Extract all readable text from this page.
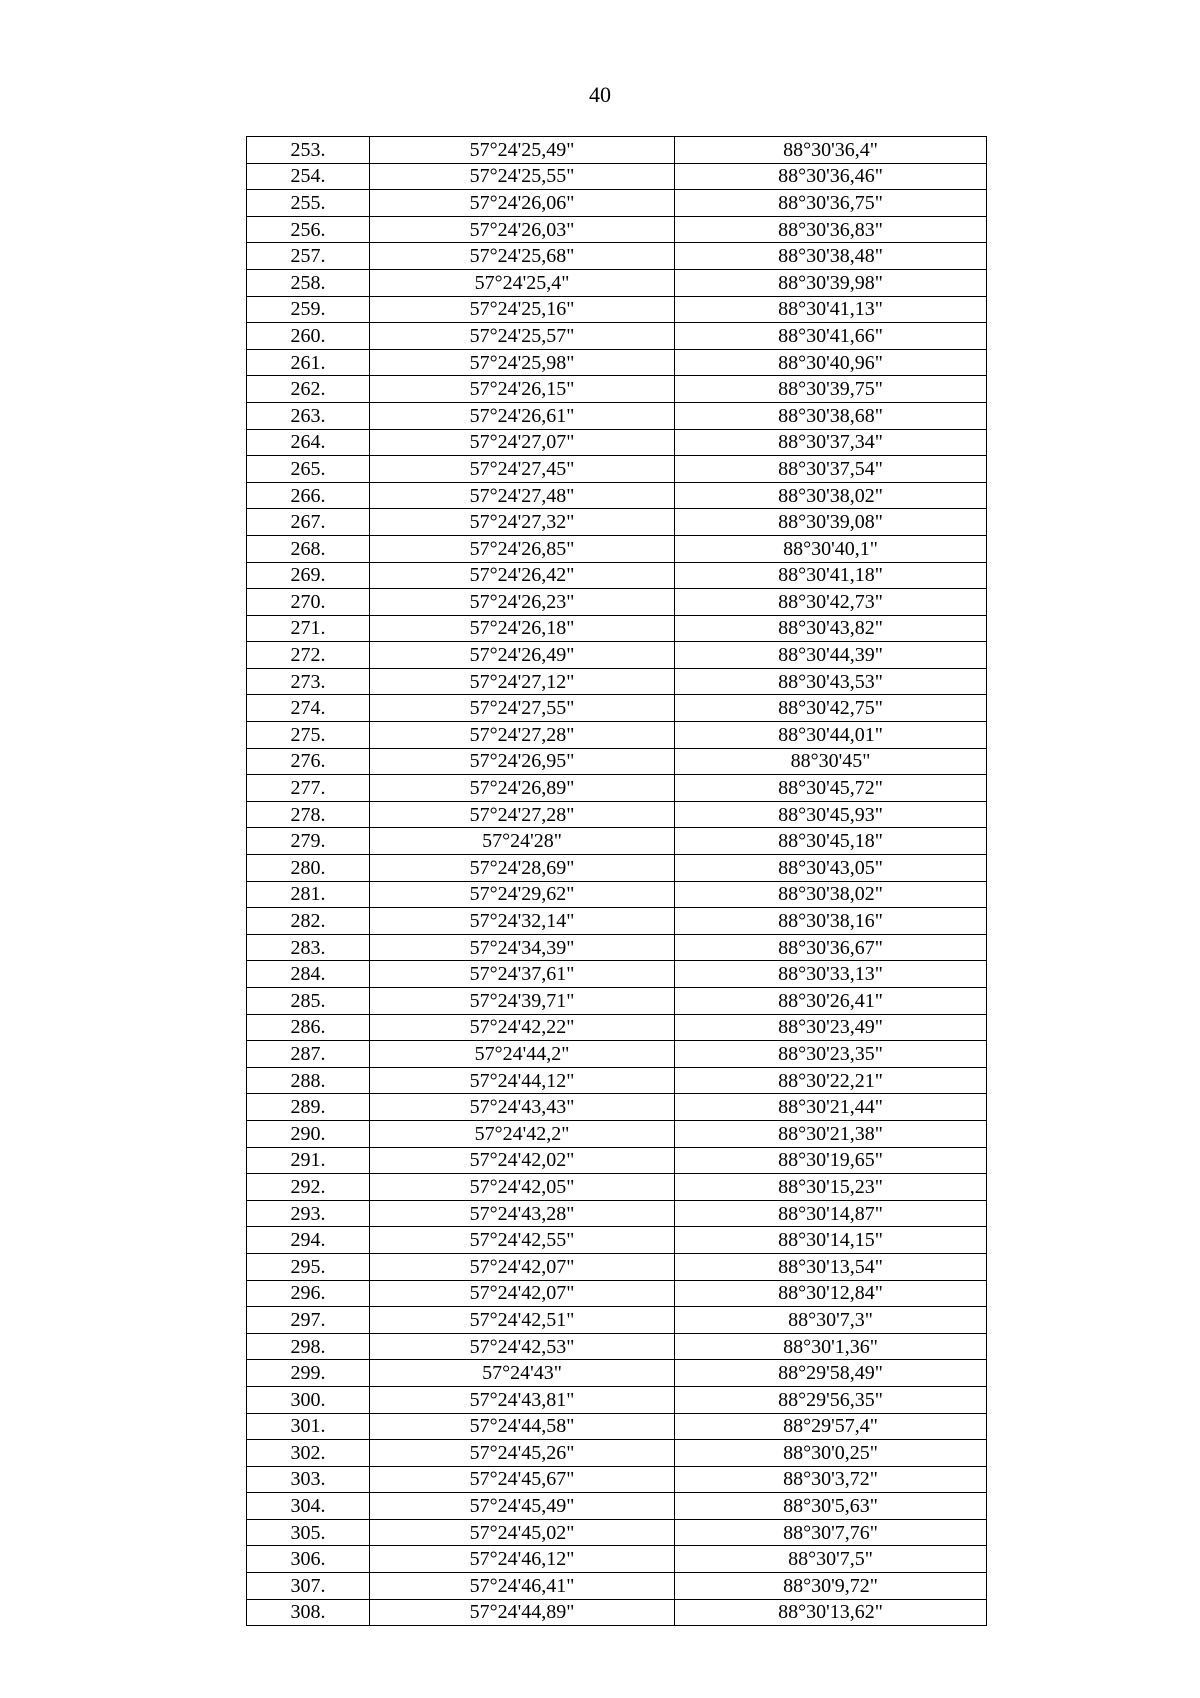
40
253.	57°24'25,49"	88°30'36,4"
254.	57°24'25,55"	88°30'36,46"
255.	57°24'26,06"	88°30'36,75"
256.	57°24'26,03"	88°30'36,83"
257.	57°24'25,68"	88°30'38,48"
258.	57°24'25,4"	88°30'39,98"
259.	57°24'25,16"	88°30'41,13"
260.	57°24'25,57"	88°30'41,66"
261.	57°24'25,98"	88°30'40,96"
262.	57°24'26,15"	88°30'39,75"
263.	57°24'26,61"	88°30'38,68"
264.	57°24'27,07"	88°30'37,34"
265.	57°24'27,45"	88°30'37,54"
266.	57°24'27,48"	88°30'38,02"
267.	57°24'27,32"	88°30'39,08"
268.	57°24'26,85"	88°30'40,1"
269.	57°24'26,42"	88°30'41,18"
270.	57°24'26,23"	88°30'42,73"
271.	57°24'26,18"	88°30'43,82"
272.	57°24'26,49"	88°30'44,39"
273.	57°24'27,12"	88°30'43,53"
274.	57°24'27,55"	88°30'42,75"
275.	57°24'27,28"	88°30'44,01"
276.	57°24'26,95"	88°30'45"
277.	57°24'26,89"	88°30'45,72"
278.	57°24'27,28"	88°30'45,93"
279.	57°24'28"	88°30'45,18"
280.	57°24'28,69"	88°30'43,05"
281.	57°24'29,62"	88°30'38,02"
282.	57°24'32,14"	88°30'38,16"
283.	57°24'34,39"	88°30'36,67"
284.	57°24'37,61"	88°30'33,13"
285.	57°24'39,71"	88°30'26,41"
286.	57°24'42,22"	88°30'23,49"
287.	57°24'44,2"	88°30'23,35"
288.	57°24'44,12"	88°30'22,21"
289.	57°24'43,43"	88°30'21,44"
290.	57°24'42,2"	88°30'21,38"
291.	57°24'42,02"	88°30'19,65"
292.	57°24'42,05"	88°30'15,23"
293.	57°24'43,28"	88°30'14,87"
294.	57°24'42,55"	88°30'14,15"
295.	57°24'42,07"	88°30'13,54"
296.	57°24'42,07"	88°30'12,84"
297.	57°24'42,51"	88°30'7,3"
298.	57°24'42,53"	88°30'1,36"
299.	57°24'43"	88°29'58,49"
300.	57°24'43,81"	88°29'56,35"
301.	57°24'44,58"	88°29'57,4"
302.	57°24'45,26"	88°30'0,25"
303.	57°24'45,67"	88°30'3,72"
304.	57°24'45,49"	88°30'5,63"
305.	57°24'45,02"	88°30'7,76"
306.	57°24'46,12"	88°30'7,5"
307.	57°24'46,41"	88°30'9,72"
308.	57°24'44,89"	88°30'13,62"
